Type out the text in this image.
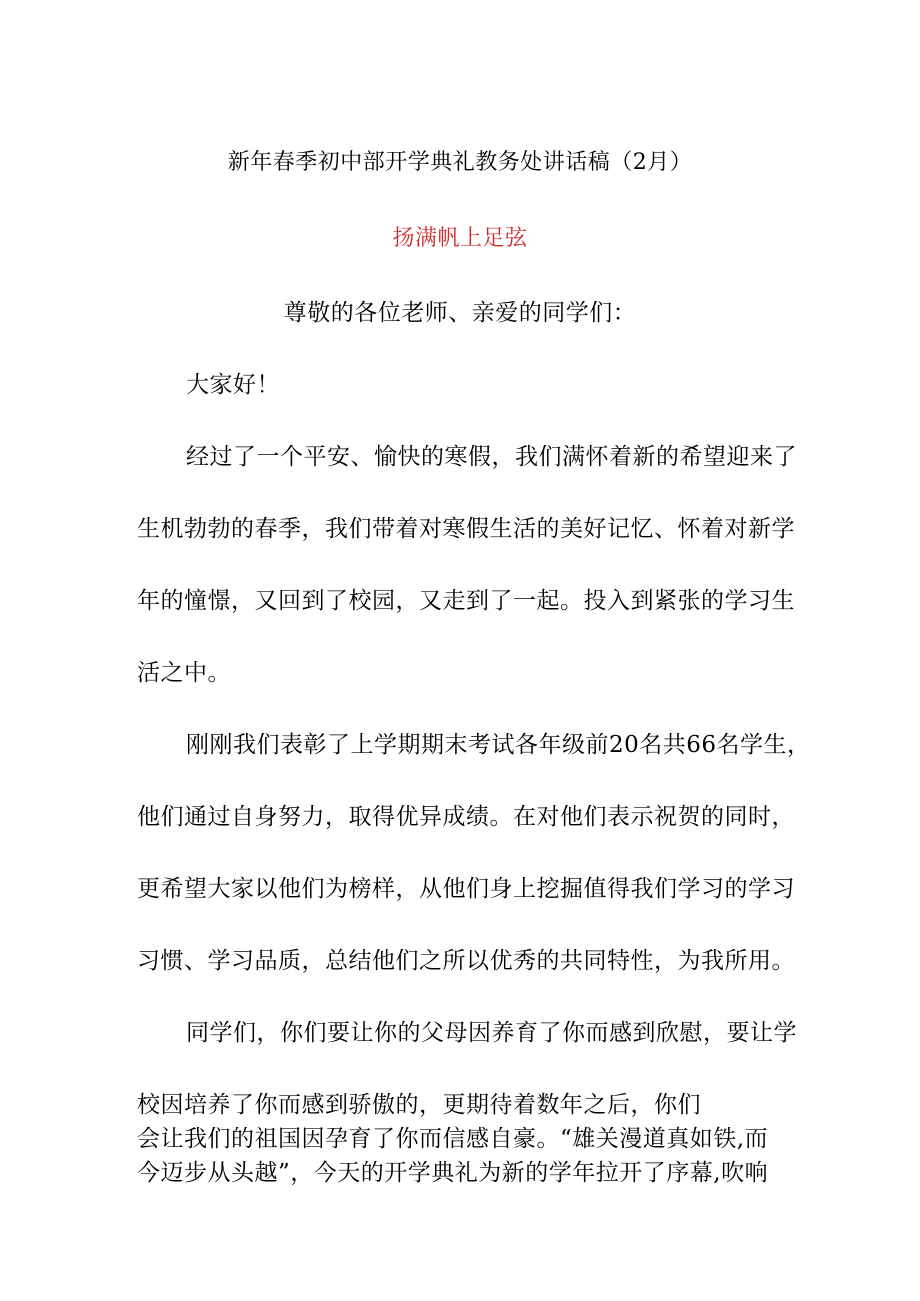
新年春季初中部开学典礼教务处讲话稿（2月）
扬满帆上足弦
尊敬的各位老师、亲爱的同学们：
大家好！
经过了一个平安、愉快的寒假，我们满怀着新的希望迎来了
生机勃勃的春季，我们带着对寒假生活的美好记忆、怀着对新学
年的憧憬，又回到了校园，又走到了一起。投入到紧张的学习生
活之中。
刚刚我们表彰了上学期期末考试各年级前20名共66名学生，
他们通过自身努力，取得优异成绩。在对他们表示祝贺的同时，
更希望大家以他们为榜样，从他们身上挖掘值得我们学习的学习
习惯、学习品质，总结他们之所以优秀的共同特性，为我所用。
同学们，你们要让你的父母因养育了你而感到欣慰，要让学
校因培养了你而感到骄傲的，更期待着数年之后，你们
会让我们的祖国因孕育了你而信感自豪。“雄关漫道真如铁,而
今迈步从头越”，今天的开学典礼为新的学年拉开了序幕,吹响
